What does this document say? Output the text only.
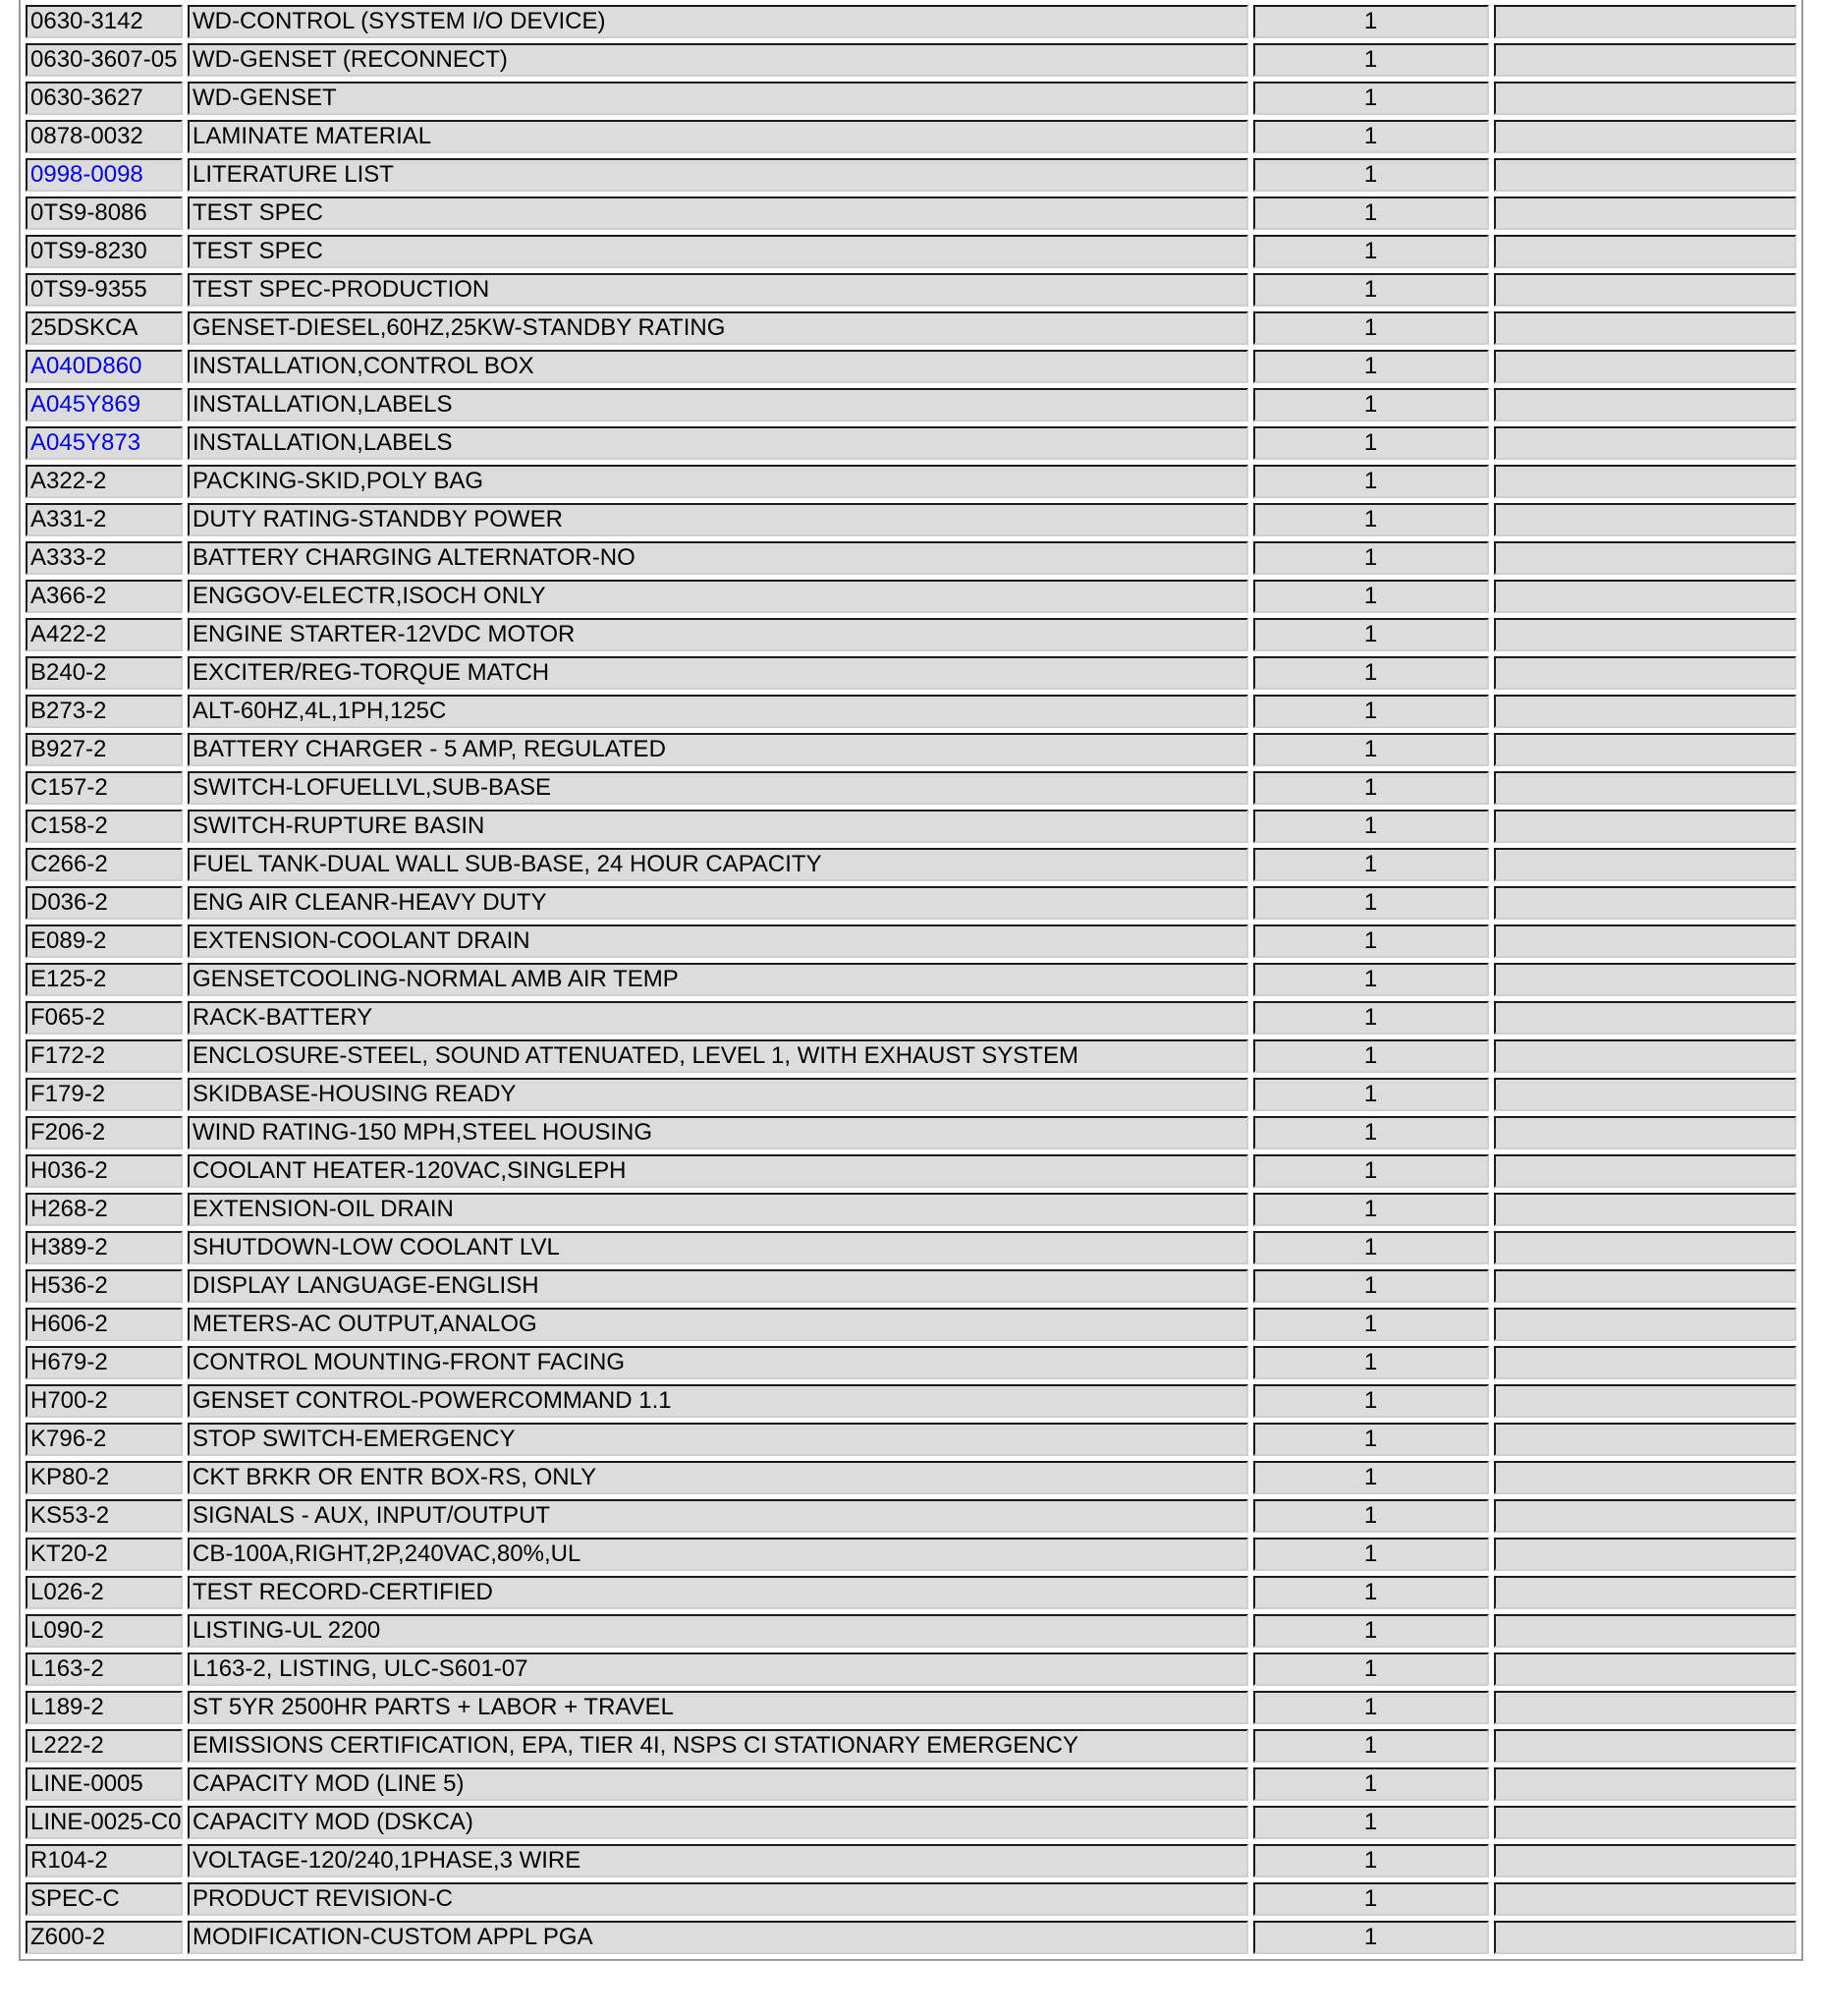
0630-3142	WD-CONTROL (SYSTEM I/O DEVICE)	1	
0630-3607-05	WD-GENSET (RECONNECT)	1	
0630-3627	WD-GENSET	1	
0878-0032	LAMINATE MATERIAL	1	
0998-0098	LITERATURE LIST	1	
0TS9-8086	TEST SPEC	1	
0TS9-8230	TEST SPEC	1	
0TS9-9355	TEST SPEC-PRODUCTION	1	
25DSKCA	GENSET-DIESEL,60HZ,25KW-STANDBY RATING	1	
A040D860	INSTALLATION,CONTROL BOX	1	
A045Y869	INSTALLATION,LABELS	1	
A045Y873	INSTALLATION,LABELS	1	
A322-2	PACKING-SKID,POLY BAG	1	
A331-2	DUTY RATING-STANDBY POWER	1	
A333-2	BATTERY CHARGING ALTERNATOR-NO	1	
A366-2	ENGGOV-ELECTR,ISOCH ONLY	1	
A422-2	ENGINE STARTER-12VDC MOTOR	1	
B240-2	EXCITER/REG-TORQUE MATCH	1	
B273-2	ALT-60HZ,4L,1PH,125C	1	
B927-2	BATTERY CHARGER - 5 AMP, REGULATED	1	
C157-2	SWITCH-LOFUELLVL,SUB-BASE	1	
C158-2	SWITCH-RUPTURE BASIN	1	
C266-2	FUEL TANK-DUAL WALL SUB-BASE, 24 HOUR CAPACITY	1	
D036-2	ENG AIR CLEANR-HEAVY DUTY	1	
E089-2	EXTENSION-COOLANT DRAIN	1	
E125-2	GENSETCOOLING-NORMAL AMB AIR TEMP	1	
F065-2	RACK-BATTERY	1	
F172-2	ENCLOSURE-STEEL, SOUND ATTENUATED, LEVEL 1, WITH EXHAUST SYSTEM	1	
F179-2	SKIDBASE-HOUSING READY	1	
F206-2	WIND RATING-150 MPH,STEEL HOUSING	1	
H036-2	COOLANT HEATER-120VAC,SINGLEPH	1	
H268-2	EXTENSION-OIL DRAIN	1	
H389-2	SHUTDOWN-LOW COOLANT LVL	1	
H536-2	DISPLAY LANGUAGE-ENGLISH	1	
H606-2	METERS-AC OUTPUT,ANALOG	1	
H679-2	CONTROL MOUNTING-FRONT FACING	1	
H700-2	GENSET CONTROL-POWERCOMMAND 1.1	1	
K796-2	STOP SWITCH-EMERGENCY	1	
KP80-2	CKT BRKR OR ENTR BOX-RS, ONLY	1	
KS53-2	SIGNALS - AUX, INPUT/OUTPUT	1	
KT20-2	CB-100A,RIGHT,2P,240VAC,80%,UL	1	
L026-2	TEST RECORD-CERTIFIED	1	
L090-2	LISTING-UL 2200	1	
L163-2	L163-2, LISTING, ULC-S601-07	1	
L189-2	ST 5YR 2500HR PARTS + LABOR + TRAVEL	1	
L222-2	EMISSIONS CERTIFICATION, EPA, TIER 4I, NSPS CI STATIONARY EMERGENCY	1	
LINE-0005	CAPACITY MOD (LINE 5)	1	
LINE-0025-C0	CAPACITY MOD (DSKCA)	1	
R104-2	VOLTAGE-120/240,1PHASE,3 WIRE	1	
SPEC-C	PRODUCT REVISION-C	1	
Z600-2	MODIFICATION-CUSTOM APPL PGA	1	
